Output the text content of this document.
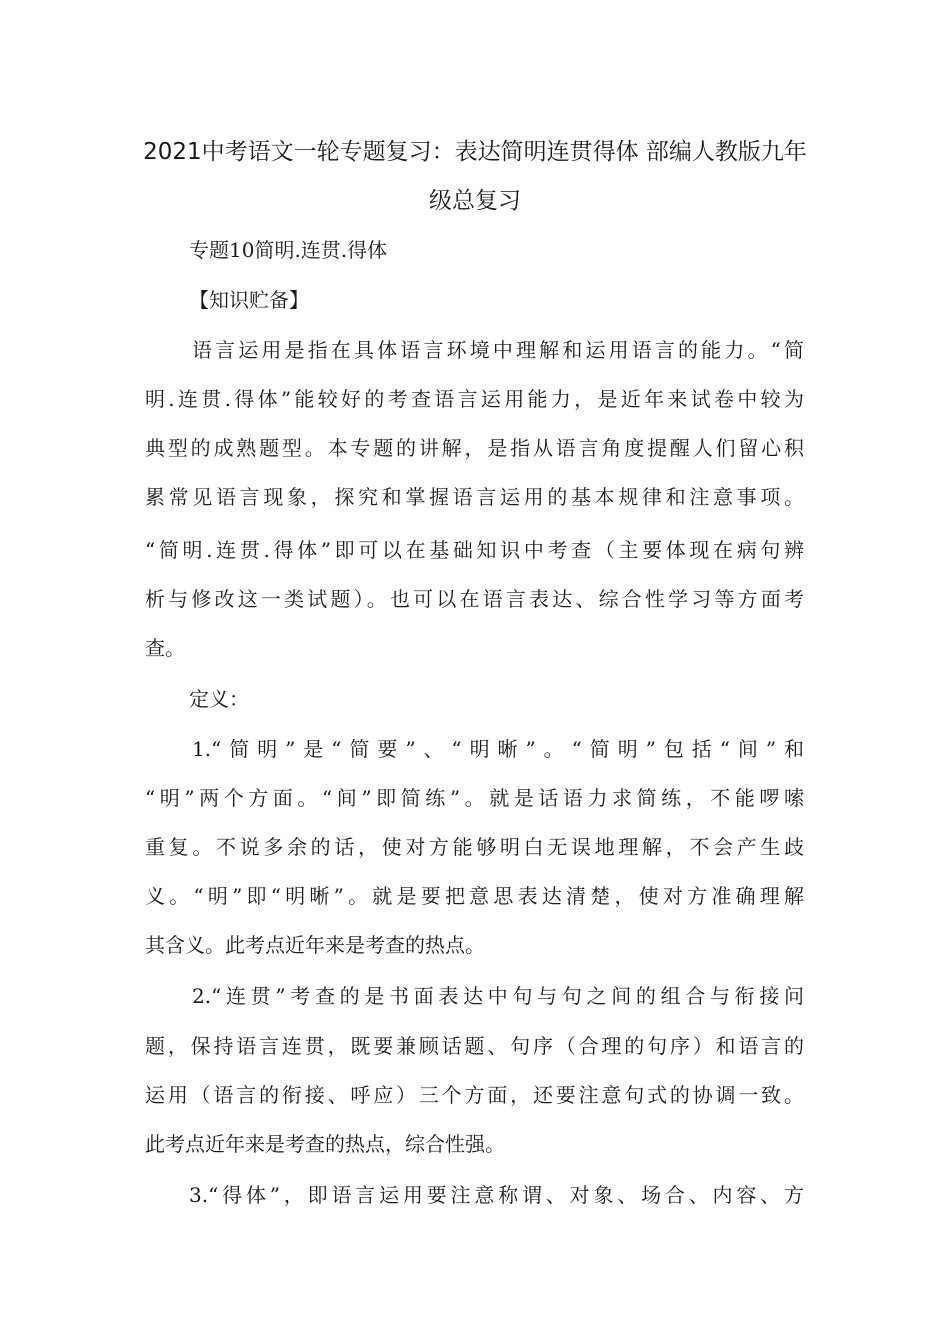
2021中考语文一轮专题复习：表达简明连贯得体 部编人教版九年
级总复习
专题10简明.连贯.得体
【知识贮备】
语言运用是指在具体语言环境中理解和运用语言的能力。“简
明.连贯.得体”能较好的考查语言运用能力，是近年来试卷中较为
典型的成熟题型。本专题的讲解，是指从语言角度提醒人们留心积
累常见语言现象，探究和掌握语言运用的基本规律和注意事项。
“简明.连贯.得体”即可以在基础知识中考查（主要体现在病句辨
析与修改这一类试题）。也可以在语言表达、综合性学习等方面考
查。
定义：
1.“简明”是“简要”、“明晰”。“简明”包括“间”和
“明”两个方面。“间”即简练”。就是话语力求简练，不能啰嗦
重复。不说多余的话，使对方能够明白无误地理解，不会产生歧
义。“明”即“明晰”。就是要把意思表达清楚，使对方准确理解
其含义。此考点近年来是考查的热点。
2.“连贯”考查的是书面表达中句与句之间的组合与衔接问
题，保持语言连贯，既要兼顾话题、句序（合理的句序）和语言的
运用（语言的衔接、呼应）三个方面，还要注意句式的协调一致。
此考点近年来是考查的热点，综合性强。
3.“得体”，即语言运用要注意称谓、对象、场合、内容、方
